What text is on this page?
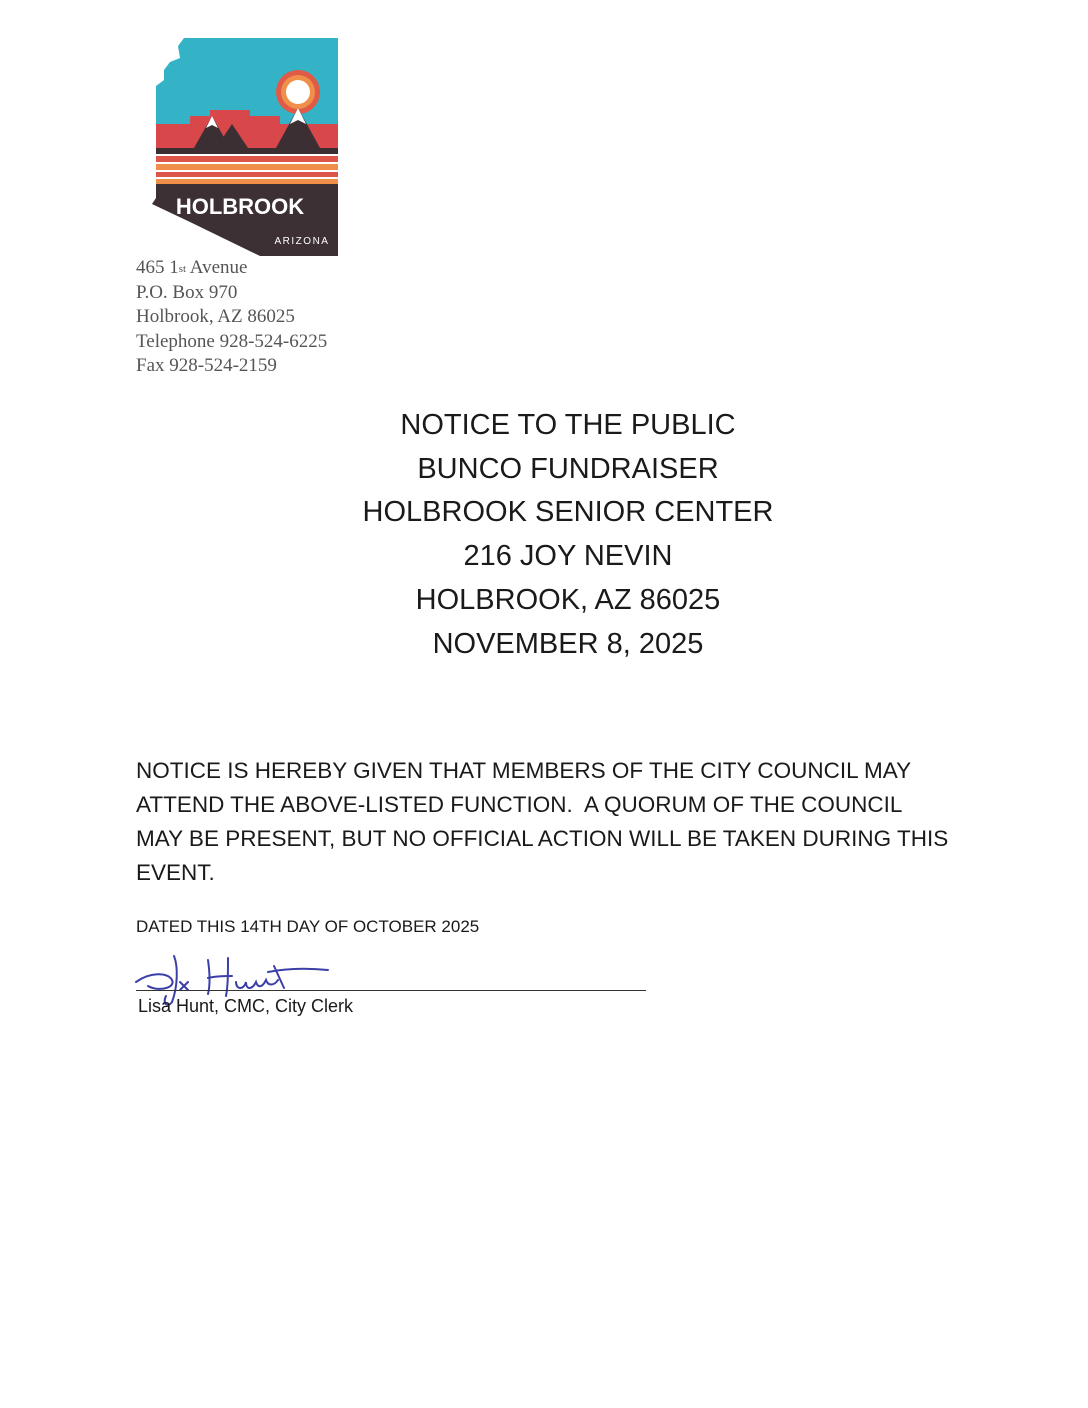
HOLBROOK
ARIZONA
465 1st Avenue
P.O. Box 970
Holbrook, AZ 86025
Telephone 928-524-6225
Fax 928-524-2159
NOTICE TO THE PUBLIC
BUNCO FUNDRAISER
HOLBROOK SENIOR CENTER
216 JOY NEVIN
HOLBROOK, AZ 86025
NOVEMBER 8, 2025
NOTICE IS HEREBY GIVEN THAT MEMBERS OF THE CITY COUNCIL MAY
ATTEND THE ABOVE-LISTED FUNCTION.  A QUORUM OF THE COUNCIL
MAY BE PRESENT, BUT NO OFFICIAL ACTION WILL BE TAKEN DURING THIS
EVENT.
DATED THIS 14TH DAY OF OCTOBER 2025
Lisa Hunt, CMC, City Clerk
